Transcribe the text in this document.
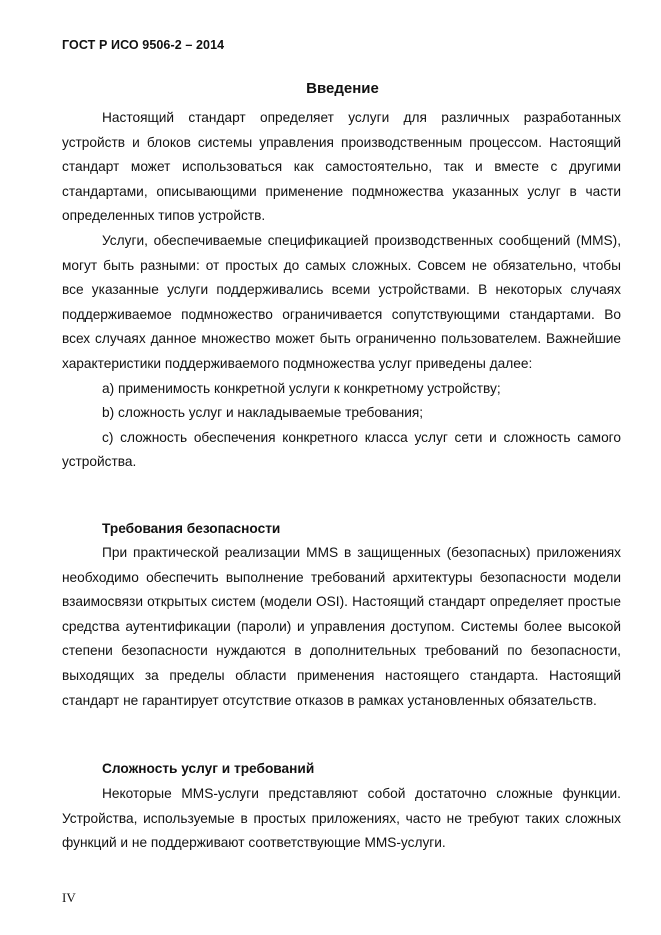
ГОСТ Р ИСО 9506-2 – 2014
Введение

Настоящий стандарт определяет услуги для различных разработанных устройств и блоков системы управления производственным процессом. Настоящий стандарт может использоваться как самостоятельно, так и вместе с другими стандартами, описывающими применение подмножества указанных услуг в части определенных типов устройств.

Услуги, обеспечиваемые спецификацией производственных сообщений (MMS), могут быть разными: от простых до самых сложных. Совсем не обязательно, чтобы все указанные услуги поддерживались всеми устройствами. В некоторых случаях поддерживаемое подмножество ограничивается сопутствующими стандартами. Во всех случаях данное множество может быть ограниченно пользователем. Важнейшие характеристики поддерживаемого подмножества услуг приведены далее:

a) применимость конкретной услуги к конкретному устройству;

b) сложность услуг и накладываемые требования;

c) сложность обеспечения конкретного класса услуг сети и сложность самого устройства.

Требования безопасности

При практической реализации MMS в защищенных (безопасных) приложениях необходимо обеспечить выполнение требований архитектуры безопасности модели взаимосвязи открытых систем (модели OSI). Настоящий стандарт определяет простые средства аутентификации (пароли) и управления доступом. Системы более высокой степени безопасности нуждаются в дополнительных требований по безопасности, выходящих за пределы области применения настоящего стандарта. Настоящий стандарт не гарантирует отсутствие отказов в рамках установленных обязательств.

Сложность услуг и требований

Некоторые MMS-услуги представляют собой достаточно сложные функции. Устройства, используемые в простых приложениях, часто не требуют таких сложных функций и не поддерживают соответствующие MMS-услуги.

IV
